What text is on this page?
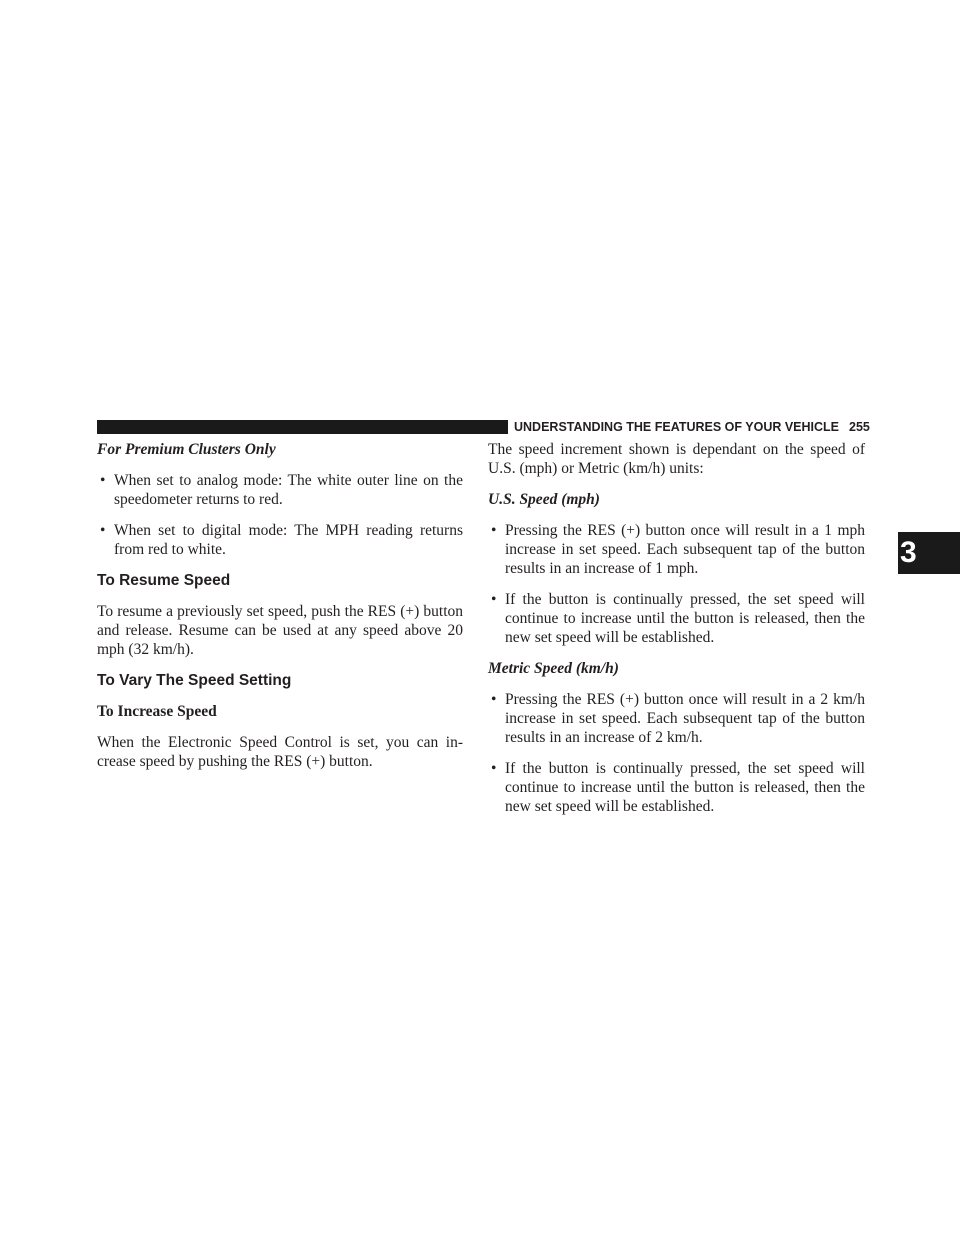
UNDERSTANDING THE FEATURES OF YOUR VEHICLE 255
3

For Premium Clusters Only

• When set to analog mode: The white outer line on the speedometer returns to red.
• When set to digital mode: The MPH reading returns from red to white.
To Resume Speed

To resume a previously set speed, push the RES (+) button and release. Resume can be used at any speed above 20 mph (32 km/h).

To Vary The Speed Setting

To Increase Speed

When the Electronic Speed Control is set, you can in- crease speed by pushing the RES (+) button.

The speed increment shown is dependant on the speed of U.S. (mph) or Metric (km/h) units:

U.S. Speed (mph)

• Pressing the RES (+) button once will result in a 1 mph increase in set speed. Each subsequent tap of the button results in an increase of 1 mph.
• If the button is continually pressed, the set speed will continue to increase until the button is released, then the new set speed will be established.

Metric Speed (km/h)

• Pressing the RES (+) button once will result in a 2 km/h increase in set speed. Each subsequent tap of the button results in an increase of 2 km/h.
• If the button is continually pressed, the set speed will continue to increase until the button is released, then the new set speed will be established.
